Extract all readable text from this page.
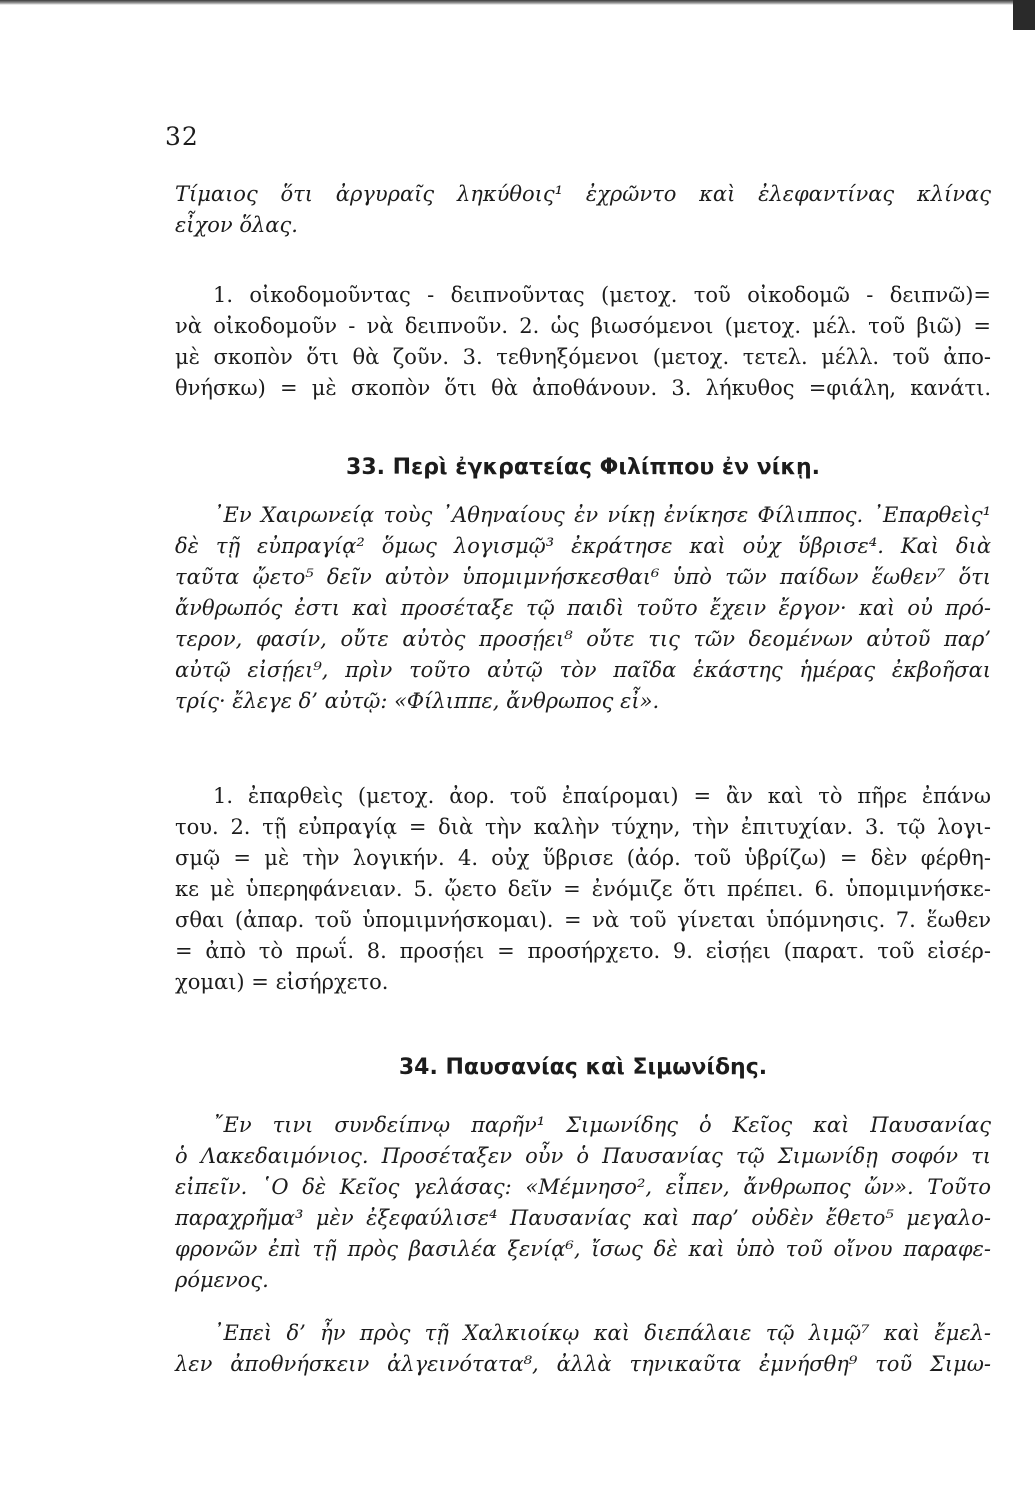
32
Τίμαιος ὅτι ἀργυραῖς ληκύθοις¹ ἐχρῶντο καὶ ἐλεφαντίνας κλίνας
εἶχον ὅλας.
1. οἰκοδομοῦντας - δειπνοῦντας (μετοχ. τοῦ οἰκοδομῶ - δειπνῶ)=
νὰ οἰκοδομοῦν - νὰ δειπνοῦν. 2. ὡς βιωσόμενοι (μετοχ. μέλ. τοῦ βιῶ) =
μὲ σκοπὸν ὅτι θὰ ζοῦν. 3. τεθνηξόμενοι (μετοχ. τετελ. μέλλ. τοῦ ἀπο-
θνήσκω) = μὲ σκοπὸν ὅτι θὰ ἀποθάνουν. 3. λήκυθος =φιάλη, κανάτι.
33. Περὶ ἐγκρατείας Φιλίππου ἐν νίκῃ.
᾿Εν Χαιρωνείᾳ τοὺς ᾿Αθηναίους ἐν νίκῃ ἐνίκησε Φίλιππος. ᾿Επαρθεὶς¹
δὲ τῇ εὐπραγίᾳ² ὅμως λογισμῷ³ ἐκράτησε καὶ οὐχ ὕβρισε⁴. Καὶ διὰ
ταῦτα ᾤετο⁵ δεῖν αὐτὸν ὑπομιμνήσκεσθαι⁶ ὑπὸ τῶν παίδων ἕωθεν⁷ ὅτι
ἄνθρωπός ἐστι καὶ προσέταξε τῷ παιδὶ τοῦτο ἔχειν ἔργον· καὶ οὐ πρό-
τερον, φασίν, οὔτε αὐτὸς προσῄει⁸ οὔτε τις τῶν δεομένων αὐτοῦ παρ’
αὐτῷ εἰσῄει⁹, πρὶν τοῦτο αὐτῷ τὸν παῖδα ἑκάστης ἡμέρας ἐκβοῆσαι
τρίς· ἔλεγε δ’ αὐτῷ: «Φίλιππε, ἄνθρωπος εἶ».
1. ἐπαρθεὶς (μετοχ. ἀορ. τοῦ ἐπαίρομαι) = ἂν καὶ τὸ πῆρε ἐπάνω
του. 2. τῇ εὐπραγίᾳ = διὰ τὴν καλὴν τύχην, τὴν ἐπιτυχίαν. 3. τῷ λογι-
σμῷ = μὲ τὴν λογικήν. 4. οὐχ ὕβρισε (ἀόρ. τοῦ ὑβρίζω) = δὲν φέρθη-
κε μὲ ὑπερηφάνειαν. 5. ᾤετο δεῖν = ἐνόμιζε ὅτι πρέπει. 6. ὑπομιμνήσκε-
σθαι (ἀπαρ. τοῦ ὑπομιμνήσκομαι). = νὰ τοῦ γίνεται ὑπόμνησις. 7. ἕωθεν
= ἀπὸ τὸ πρωΐ. 8. προσῄει = προσήρχετο. 9. εἰσῄει (παρατ. τοῦ εἰσέρ-
χομαι) = εἰσήρχετο.
34. Παυσανίας καὶ Σιμωνίδης.
῎Εν τινι συνδείπνῳ παρῆν¹ Σιμωνίδης ὁ Κεῖος καὶ Παυσανίας
ὁ Λακεδαιμόνιος. Προσέταξεν οὖν ὁ Παυσανίας τῷ Σιμωνίδῃ σοφόν τι
εἰπεῖν. ῾Ο δὲ Κεῖος γελάσας: «Μέμνησο², εἶπεν, ἄνθρωπος ὤν». Τοῦτο
παραχρῆμα³ μὲν ἐξεφαύλισε⁴ Παυσανίας καὶ παρ’ οὐδὲν ἔθετο⁵ μεγαλο-
φρονῶν ἐπὶ τῇ πρὸς βασιλέα ξενίᾳ⁶, ἴσως δὲ καὶ ὑπὸ τοῦ οἴνου παραφε-
ρόμενος.
᾿Επεὶ δ’ ἦν πρὸς τῇ Χαλκιοίκῳ καὶ διεπάλαιε τῷ λιμῷ⁷ καὶ ἔμελ-
λεν ἀποθνήσκειν ἀλγεινότατα⁸, ἀλλὰ τηνικαῦτα ἐμνήσθη⁹ τοῦ Σιμω-
